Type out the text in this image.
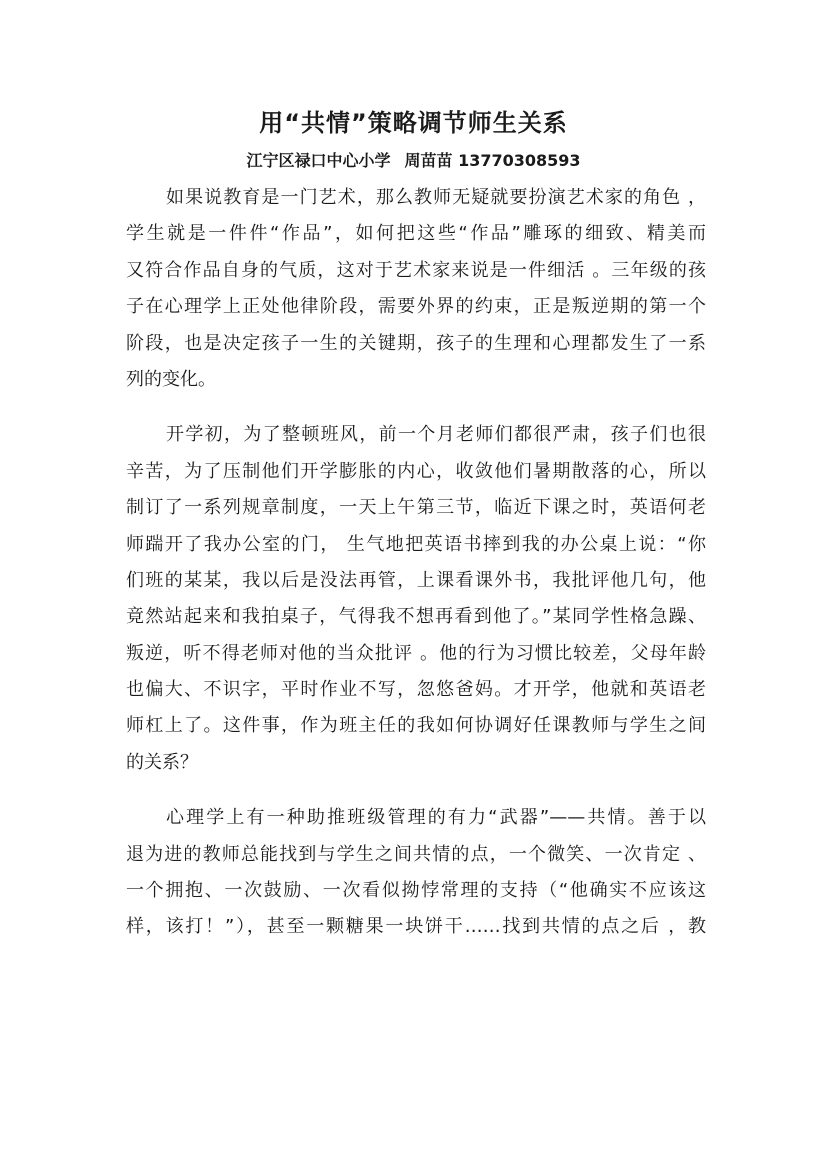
用“共情”策略调节师生关系

江宁区禄口中心小学 周苗苗 13770308593

如果说教育是一门艺术，那么教师无疑就要扮演艺术家的角色 ，
学生就是一件件“作品”，如何把这些“作品”雕琢的细致、精美而
又符合作品自身的气质，这对于艺术家来说是一件细活 。三年级的孩
子在心理学上正处他律阶段，需要外界的约束，正是叛逆期的第一个
阶段，也是决定孩子一生的关键期，孩子的生理和心理都发生了一系
列的变化。
开学初，为了整顿班风，前一个月老师们都很严肃，孩子们也很
辛苦，为了压制他们开学膨胀的内心，收敛他们暑期散落的心，所以
制订了一系列规章制度，一天上午第三节，临近下课之时，英语何老
师踹开了我办公室的门， 生气地把英语书摔到我的办公桌上说：“你
们班的某某，我以后是没法再管，上课看课外书，我批评他几句，他
竟然站起来和我拍桌子，气得我不想再看到他了。”某同学性格急躁、
叛逆，听不得老师对他的当众批评 。他的行为习惯比较差，父母年龄
也偏大、不识字，平时作业不写，忽悠爸妈。才开学，他就和英语老
师杠上了。这件事，作为班主任的我如何协调好任课教师与学生之间
的关系？
心理学上有一种助推班级管理的有力“武器”——共情。善于以
退为进的教师总能找到与学生之间共情的点，一个微笑、一次肯定 、
一个拥抱、一次鼓励、一次看似拗悖常理的支持（“他确实不应该这
样，该打！”），甚至一颗糖果一块饼干……找到共情的点之后 ，教
